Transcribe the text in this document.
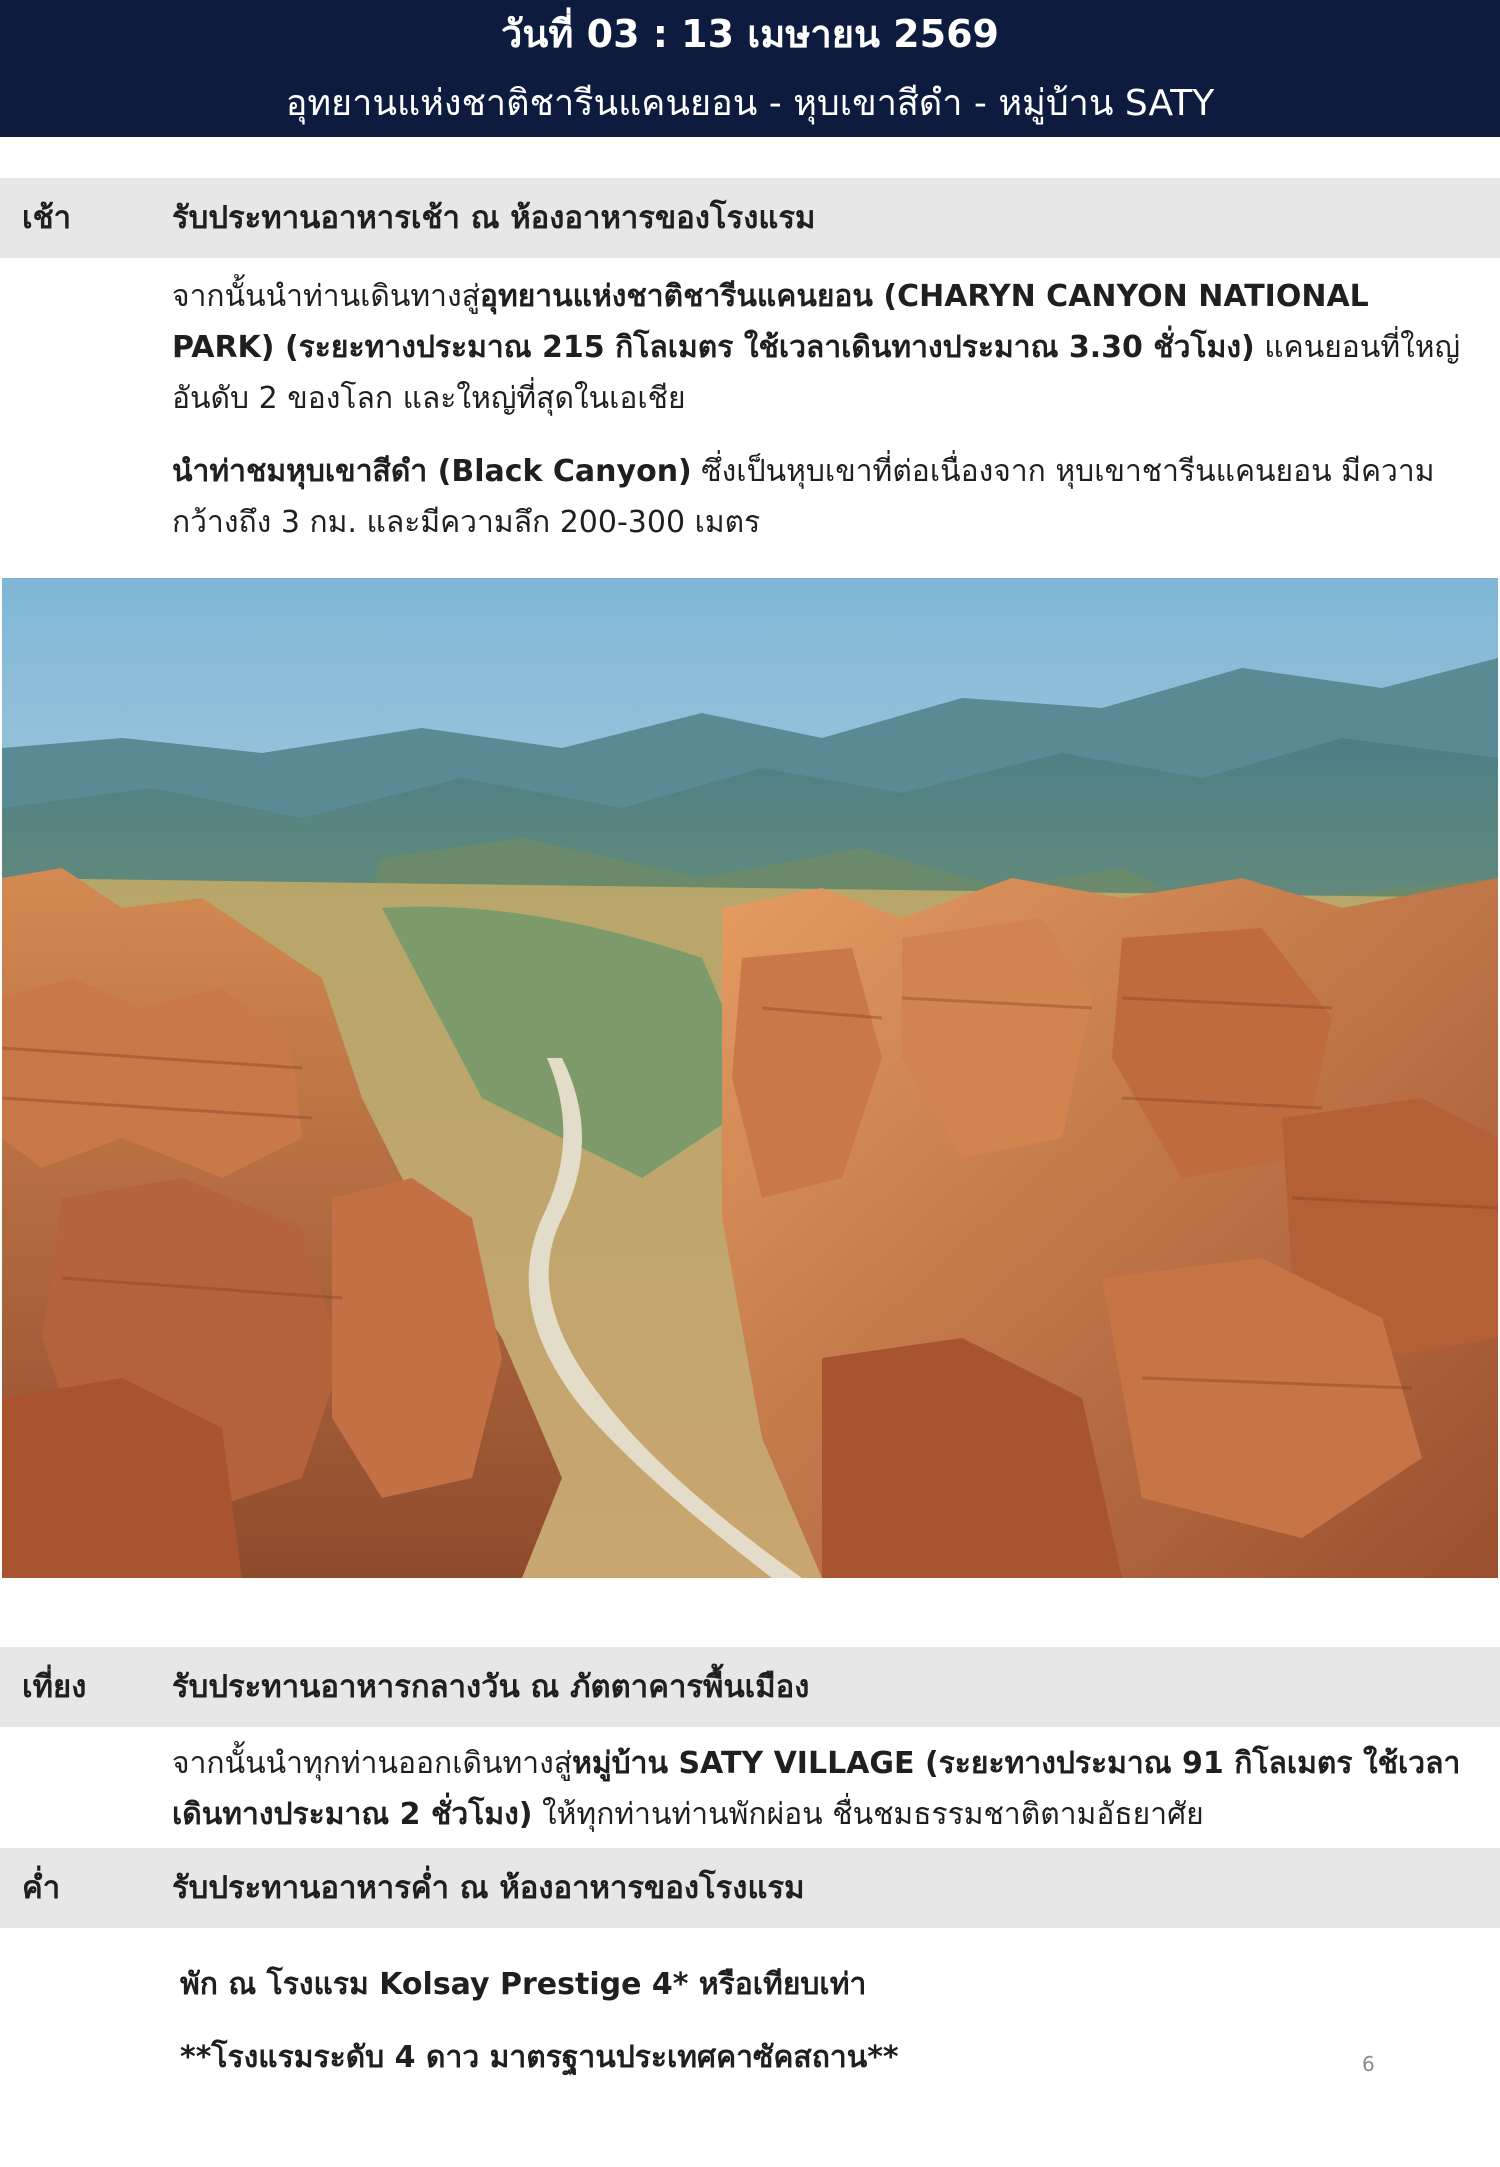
วันที่ 03 : 13 เมษายน 2569
อุทยานแห่งชาติชารีนแคนยอน - หุบเขาสีดำ - หมู่บ้าน SATY
เช้า	รับประทานอาหารเช้า ณ ห้องอาหารของโรงแรม

จากนั้นนำท่านเดินทางสู่อุทยานแห่งชาติชารีนแคนยอน (CHARYN CANYON NATIONAL PARK) (ระยะทางประมาณ 215 กิโลเมตร ใช้เวลาเดินทางประมาณ 3.30 ชั่วโมง) แคนยอนที่ใหญ่อันดับ 2 ของโลก และใหญ่ที่สุดในเอเชีย

นำท่าชมหุบเขาสีดำ (Black Canyon) ซึ่งเป็นหุบเขาที่ต่อเนื่องจาก หุบเขาชารีนแคนยอน มีความกว้างถึง 3 กม. และมีความลึก 200-300 เมตร

เที่ยง	รับประทานอาหารกลางวัน ณ ภัตตาคารพื้นเมือง

จากนั้นนำทุกท่านออกเดินทางสู่หมู่บ้าน SATY VILLAGE (ระยะทางประมาณ 91 กิโลเมตร ใช้เวลาเดินทางประมาณ 2 ชั่วโมง) ให้ทุกท่านท่านพักผ่อน ชื่นชมธรรมชาติตามอัธยาศัย

ค่ำ	รับประทานอาหารค่ำ ณ ห้องอาหารของโรงแรม
พัก ณ โรงแรม Kolsay Prestige 4* หรือเทียบเท่า
**โรงแรมระดับ 4 ดาว มาตรฐานประเทศคาซัคสถาน**	6
